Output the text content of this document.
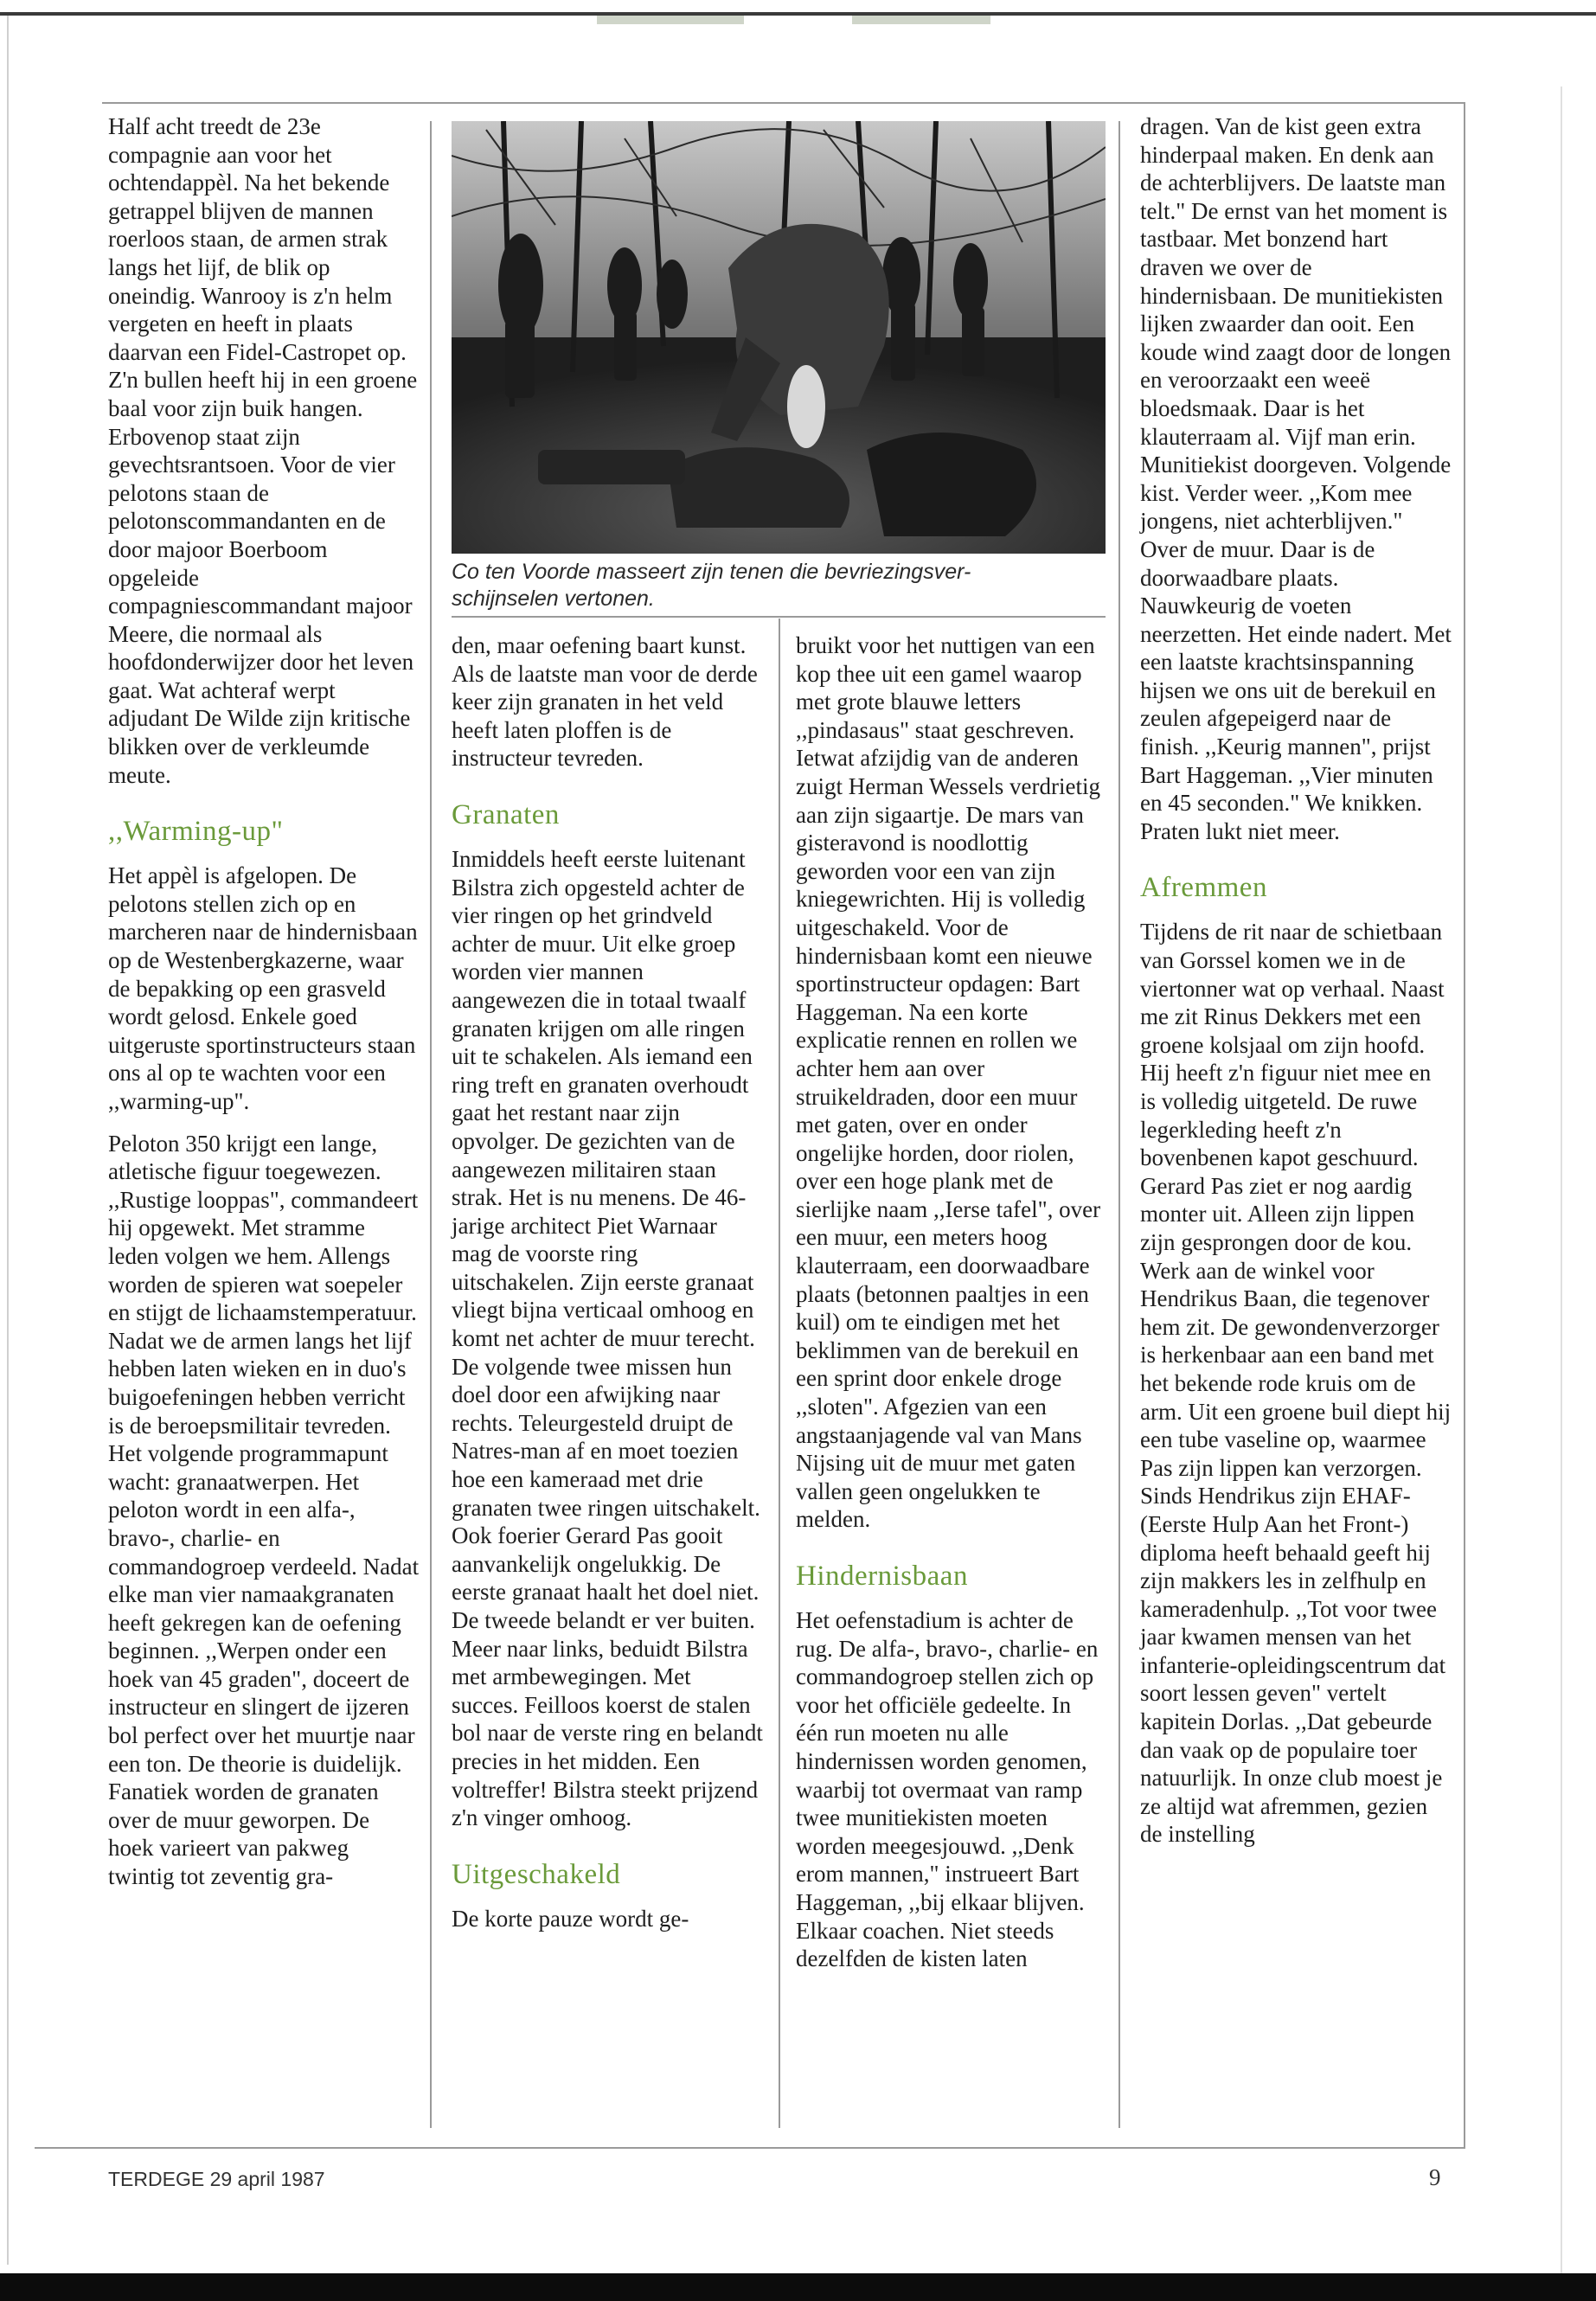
Co ten Voorde masseert zijn tenen die bevriezingsver-
schijnselen vertonen.

Half acht treedt de 23e compagnie aan voor het ochtendappèl. Na het bekende getrappel blijven de mannen roerloos staan, de armen strak langs het lijf, de blik op oneindig. Wanrooy is z'n helm vergeten en heeft in plaats daarvan een Fidel-Castropet op. Z'n bullen heeft hij in een groene baal voor zijn buik hangen. Erbovenop staat zijn gevechtsrantsoen. Voor de vier pelotons staan de pelotonscommandanten en de door majoor Boerboom opgeleide compagniescommandant majoor Meere, die normaal als hoofdonderwijzer door het leven gaat. Wat achteraf werpt adjudant De Wilde zijn kritische blikken over de verkleumde meute.

,,Warming-up"

Het appèl is afgelopen. De pelotons stellen zich op en marcheren naar de hindernisbaan op de Westenbergkazerne, waar de bepakking op een grasveld wordt gelosd. Enkele goed uitgeruste sportinstructeurs staan ons al op te wachten voor een ,,warming-up".

Peloton 350 krijgt een lange, atletische figuur toegewezen. ,,Rustige looppas", commandeert hij opgewekt. Met stramme leden volgen we hem. Allengs worden de spieren wat soepeler en stijgt de lichaamstemperatuur. Nadat we de armen langs het lijf hebben laten wieken en in duo's buigoefeningen hebben verricht is de beroepsmilitair tevreden. Het volgende programmapunt wacht: granaatwerpen. Het peloton wordt in een alfa-, bravo-, charlie- en commandogroep verdeeld. Nadat elke man vier namaakgranaten heeft gekregen kan de oefening beginnen. ,,Werpen onder een hoek van 45 graden", doceert de instructeur en slingert de ijzeren bol perfect over het muurtje naar een ton. De theorie is duidelijk. Fanatiek worden de granaten over de muur geworpen. De hoek varieert van pakweg twintig tot zeventig gra-

den, maar oefening baart kunst. Als de laatste man voor de derde keer zijn granaten in het veld heeft laten ploffen is de instructeur tevreden.

Granaten

Inmiddels heeft eerste luitenant Bilstra zich opgesteld achter de vier ringen op het grindveld achter de muur. Uit elke groep worden vier mannen aangewezen die in totaal twaalf granaten krijgen om alle ringen uit te schakelen. Als iemand een ring treft en granaten overhoudt gaat het restant naar zijn opvolger. De gezichten van de aangewezen militairen staan strak. Het is nu menens. De 46-jarige architect Piet Warnaar mag de voorste ring uitschakelen. Zijn eerste granaat vliegt bijna verticaal omhoog en komt net achter de muur terecht. De volgende twee missen hun doel door een afwijking naar rechts. Teleurgesteld druipt de Natres-man af en moet toezien hoe een kameraad met drie granaten twee ringen uitschakelt. Ook foerier Gerard Pas gooit aanvankelijk ongelukkig. De eerste granaat haalt het doel niet. De tweede belandt er ver buiten. Meer naar links, beduidt Bilstra met armbewegingen. Met succes. Feilloos koerst de stalen bol naar de verste ring en belandt precies in het midden. Een voltreffer! Bilstra steekt prijzend z'n vinger omhoog.

Uitgeschakeld

De korte pauze wordt ge-

bruikt voor het nuttigen van een kop thee uit een gamel waarop met grote blauwe letters ,,pindasaus" staat geschreven. Ietwat afzijdig van de anderen zuigt Herman Wessels verdrietig aan zijn sigaartje. De mars van gisteravond is noodlottig geworden voor een van zijn kniegewrichten. Hij is volledig uitgeschakeld. Voor de hindernisbaan komt een nieuwe sportinstructeur opdagen: Bart Haggeman. Na een korte explicatie rennen en rollen we achter hem aan over struikeldraden, door een muur met gaten, over en onder ongelijke horden, door riolen, over een hoge plank met de sierlijke naam ,,Ierse tafel", over een muur, een meters hoog klauterraam, een doorwaadbare plaats (betonnen paaltjes in een kuil) om te eindigen met het beklimmen van de berekuil en een sprint door enkele droge ,,sloten". Afgezien van een angstaanjagende val van Mans Nijsing uit de muur met gaten vallen geen ongelukken te melden.

Hindernisbaan

Het oefenstadium is achter de rug. De alfa-, bravo-, charlie- en commandogroep stellen zich op voor het officiële gedeelte. In één run moeten nu alle hindernissen worden genomen, waarbij tot overmaat van ramp twee munitiekisten moeten worden meegesjouwd. ,,Denk erom mannen," instrueert Bart Haggeman, ,,bij elkaar blijven. Elkaar coachen. Niet steeds dezelfden de kisten laten

dragen. Van de kist geen extra hinderpaal maken. En denk aan de achterblijvers. De laatste man telt." De ernst van het moment is tastbaar. Met bonzend hart draven we over de hindernisbaan. De munitiekisten lijken zwaarder dan ooit. Een koude wind zaagt door de longen en veroorzaakt een weeë bloedsmaak. Daar is het klauterraam al. Vijf man erin. Munitiekist doorgeven. Volgende kist. Verder weer. ,,Kom mee jongens, niet achterblijven." Over de muur. Daar is de doorwaadbare plaats. Nauwkeurig de voeten neerzetten. Het einde nadert. Met een laatste krachtsinspanning hijsen we ons uit de berekuil en zeulen afgepeigerd naar de finish. ,,Keurig mannen", prijst Bart Haggeman. ,,Vier minuten en 45 seconden." We knikken. Praten lukt niet meer.

Afremmen

Tijdens de rit naar de schietbaan van Gorssel komen we in de viertonner wat op verhaal. Naast me zit Rinus Dekkers met een groene kolsjaal om zijn hoofd. Hij heeft z'n figuur niet mee en is volledig uitgeteld. De ruwe legerkleding heeft z'n bovenbenen kapot geschuurd. Gerard Pas ziet er nog aardig monter uit. Alleen zijn lippen zijn gesprongen door de kou. Werk aan de winkel voor Hendrikus Baan, die tegenover hem zit. De gewondenverzorger is herkenbaar aan een band met het bekende rode kruis om de arm. Uit een groene buil diept hij een tube vaseline op, waarmee Pas zijn lippen kan verzorgen. Sinds Hendrikus zijn EHAF-(Eerste Hulp Aan het Front-) diploma heeft behaald geeft hij zijn makkers les in zelfhulp en kameradenhulp. ,,Tot voor twee jaar kwamen mensen van het infanterie-opleidingscentrum dat soort lessen geven" vertelt kapitein Dorlas. ,,Dat gebeurde dan vaak op de populaire toer natuurlijk. In onze club moest je ze altijd wat afremmen, gezien de instelling

TERDEGE 29 april 1987	9
